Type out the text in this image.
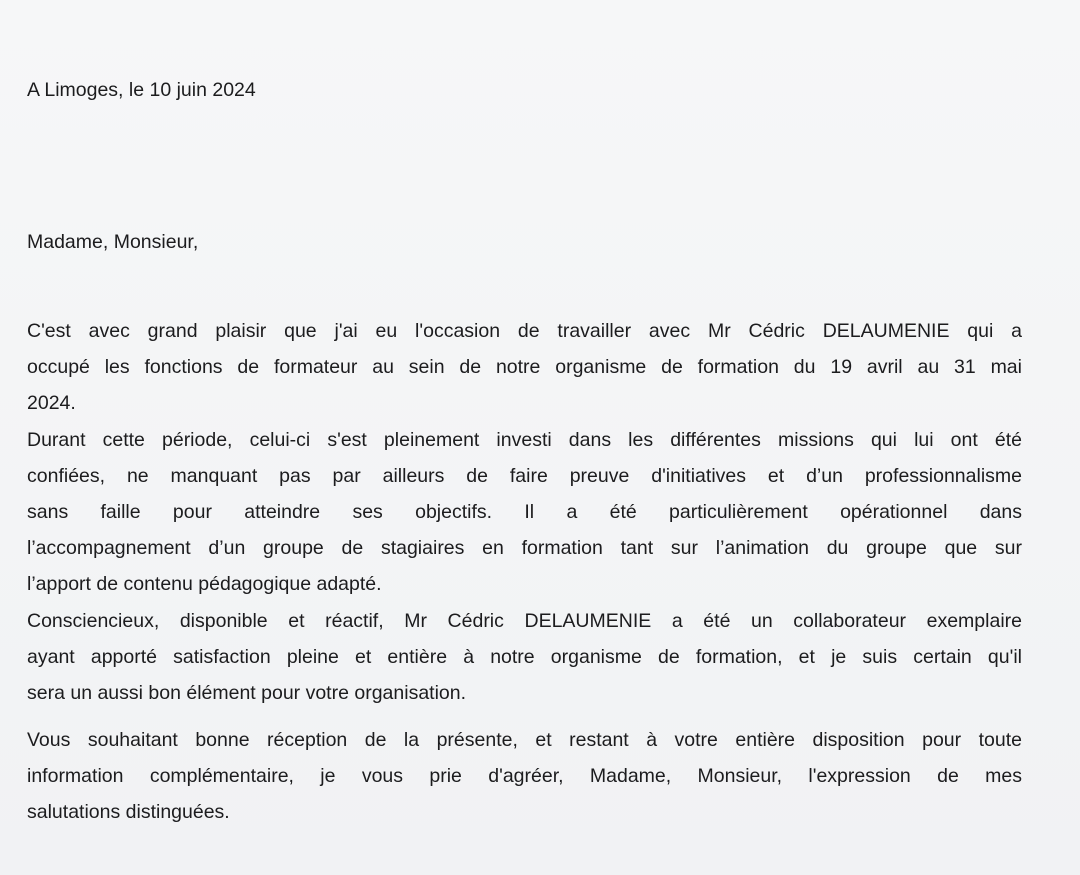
A Limoges, le 10 juin 2024
Madame, Monsieur,
C'est avec grand plaisir que j'ai eu l'occasion de travailler avec Mr Cédric DELAUMENIE qui a
occupé les fonctions de formateur au sein de notre organisme de formation du 19 avril au 31 mai
2024.
Durant cette période, celui-ci s'est pleinement investi dans les différentes missions qui lui ont été
confiées, ne manquant pas par ailleurs de faire preuve d'initiatives et d’un professionnalisme
sans faille pour atteindre ses objectifs. Il a été particulièrement opérationnel dans
l’accompagnement d’un groupe de stagiaires en formation tant sur l’animation du groupe que sur
l’apport de contenu pédagogique adapté.
Consciencieux, disponible et réactif, Mr Cédric DELAUMENIE a été un collaborateur exemplaire
ayant apporté satisfaction pleine et entière à notre organisme de formation, et je suis certain qu'il
sera un aussi bon élément pour votre organisation.
Vous souhaitant bonne réception de la présente, et restant à votre entière disposition pour toute
information complémentaire, je vous prie d'agréer, Madame, Monsieur, l'expression de mes
salutations distinguées.
